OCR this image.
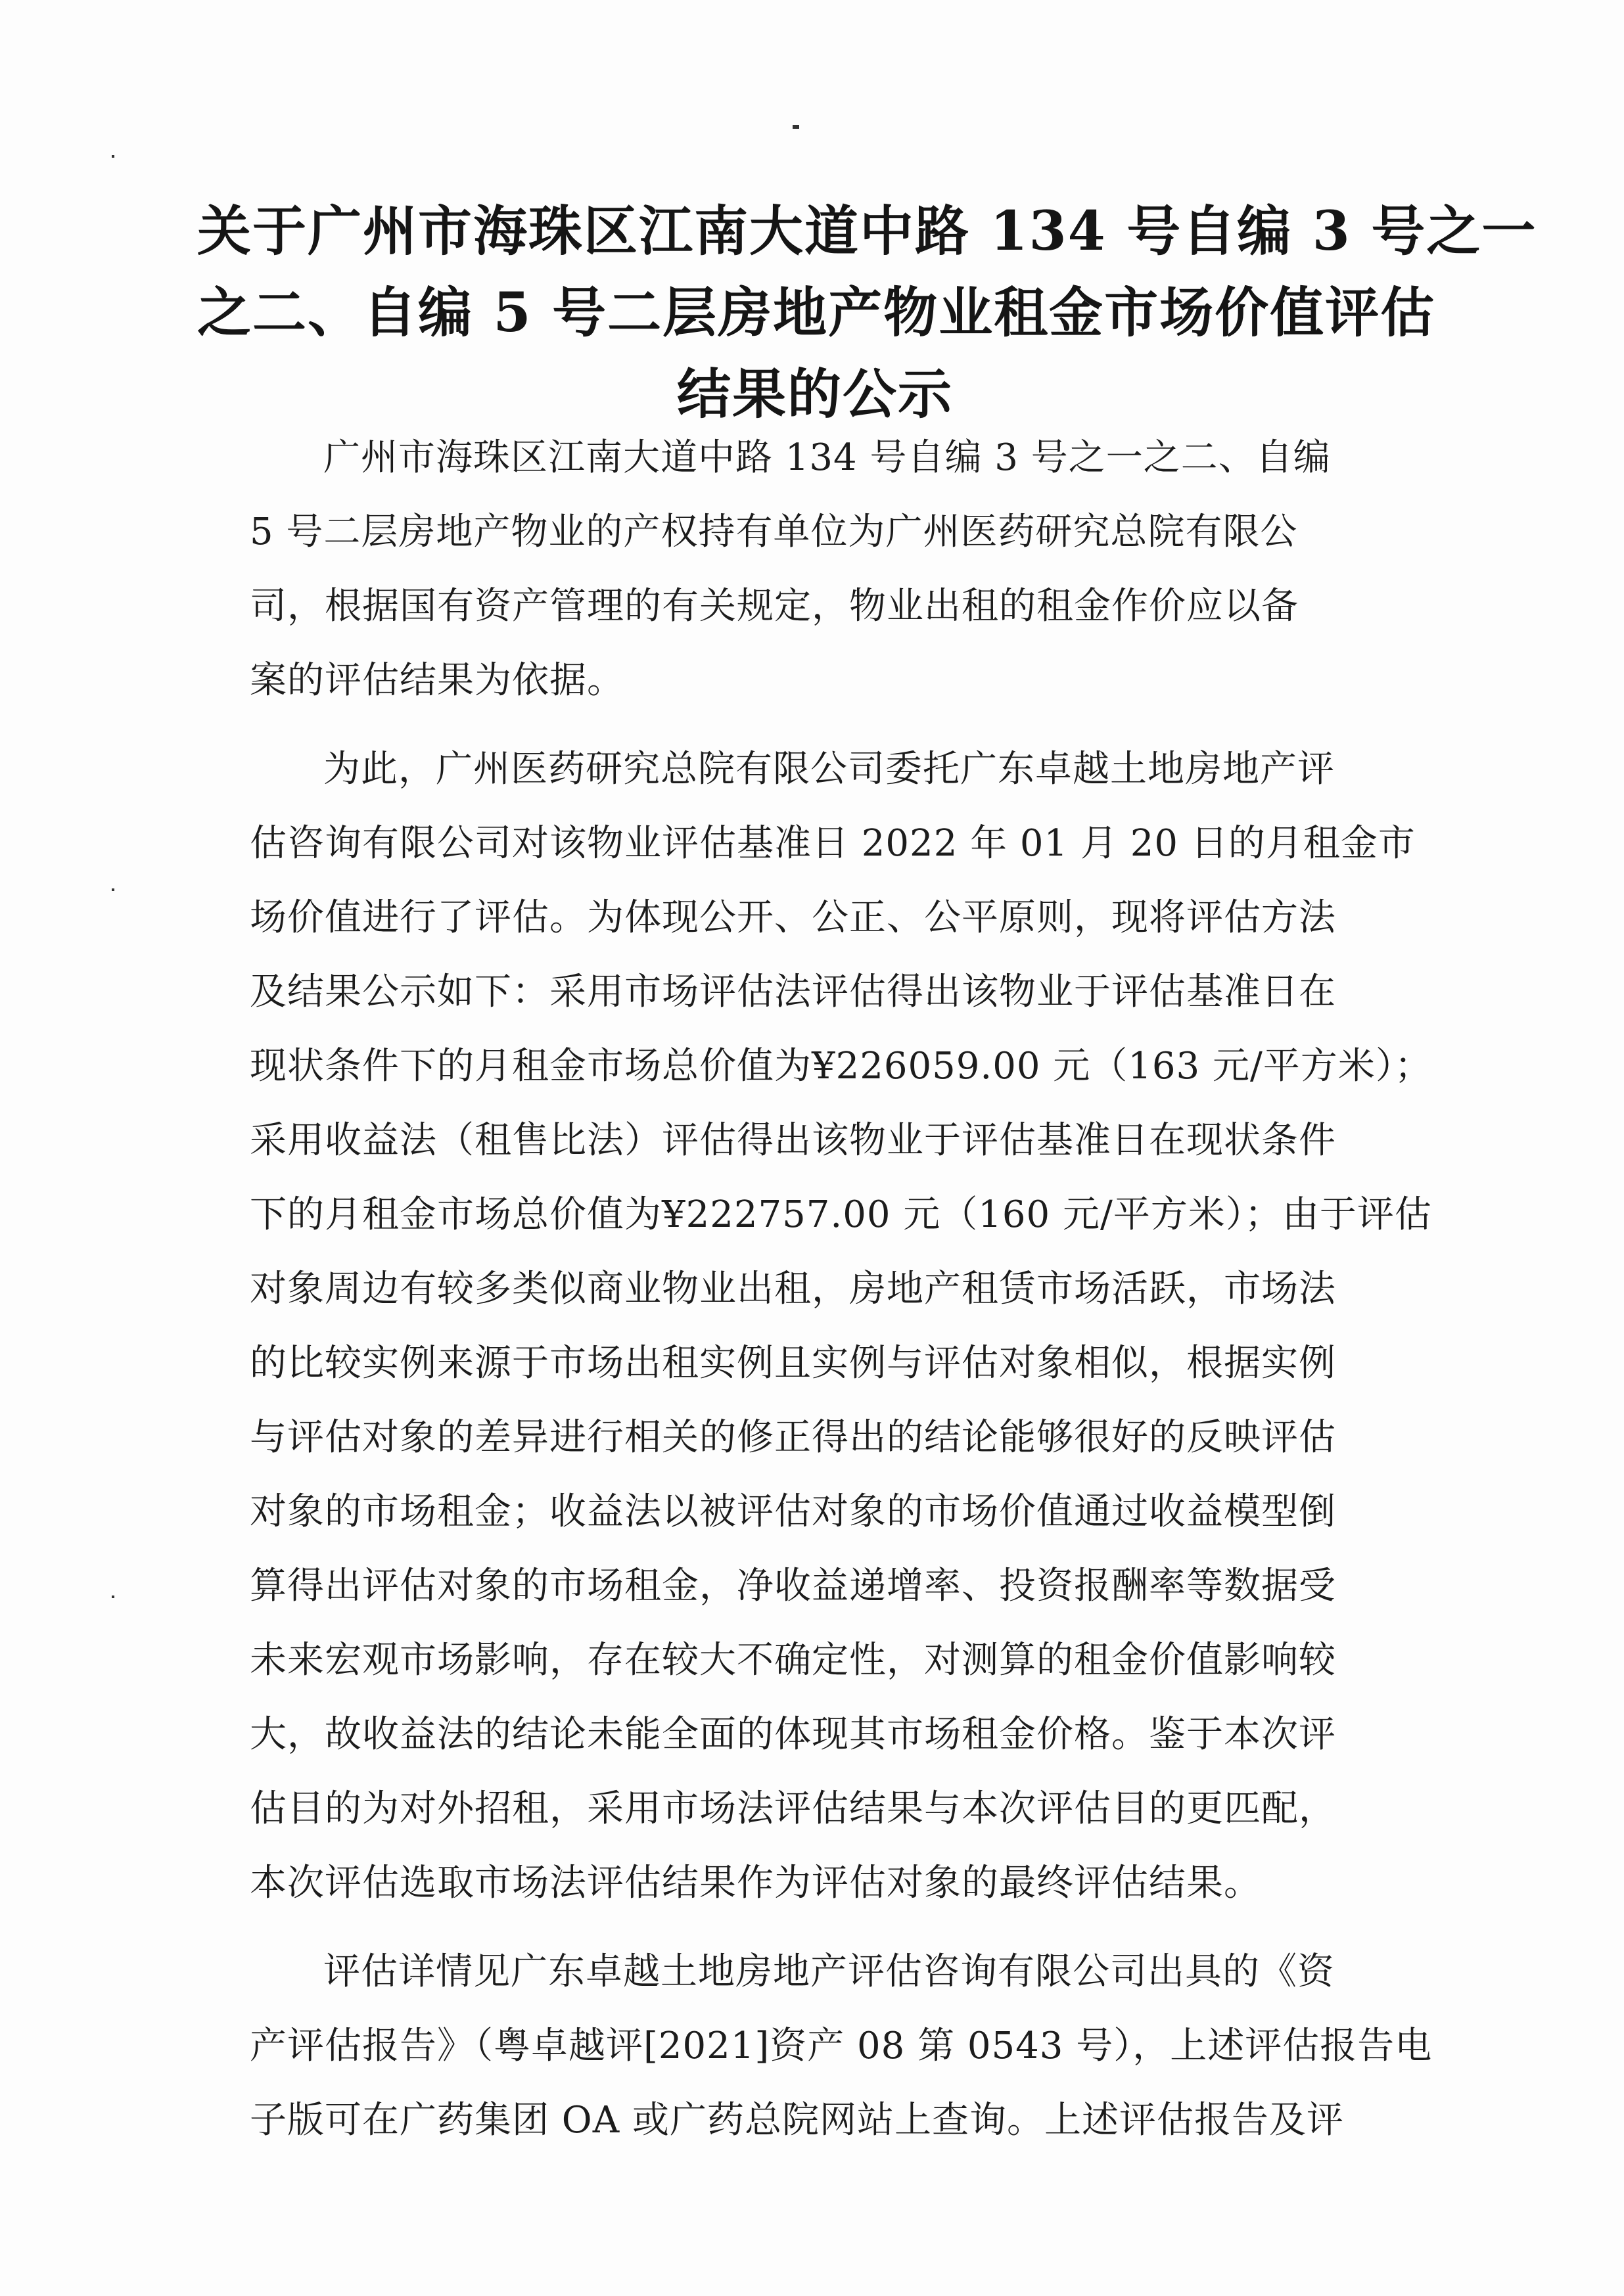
关于广州市海珠区江南大道中路 134 号自编 3 号之一
之二、自编 5 号二层房地产物业租金市场价值评估
结果的公示
广州市海珠区江南大道中路 134 号自编 3 号之一之二、自编
5 号二层房地产物业的产权持有单位为广州医药研究总院有限公
司，根据国有资产管理的有关规定，物业出租的租金作价应以备
案的评估结果为依据。
为此，广州医药研究总院有限公司委托广东卓越土地房地产评
估咨询有限公司对该物业评估基准日 2022 年 01 月 20 日的月租金市
场价值进行了评估。为体现公开、公正、公平原则，现将评估方法
及结果公示如下：采用市场评估法评估得出该物业于评估基准日在
现状条件下的月租金市场总价值为¥226059.00 元（163 元/平方米）；
采用收益法（租售比法）评估得出该物业于评估基准日在现状条件
下的月租金市场总价值为¥222757.00 元（160 元/平方米）；由于评估
对象周边有较多类似商业物业出租，房地产租赁市场活跃，市场法
的比较实例来源于市场出租实例且实例与评估对象相似，根据实例
与评估对象的差异进行相关的修正得出的结论能够很好的反映评估
对象的市场租金；收益法以被评估对象的市场价值通过收益模型倒
算得出评估对象的市场租金，净收益递增率、投资报酬率等数据受
未来宏观市场影响，存在较大不确定性，对测算的租金价值影响较
大，故收益法的结论未能全面的体现其市场租金价格。鉴于本次评
估目的为对外招租，采用市场法评估结果与本次评估目的更匹配，
本次评估选取市场法评估结果作为评估对象的最终评估结果。
评估详情见广东卓越土地房地产评估咨询有限公司出具的《资
产评估报告》（粤卓越评[2021]资产 08 第 0543 号），上述评估报告电
子版可在广药集团 OA 或广药总院网站上查询。上述评估报告及评
